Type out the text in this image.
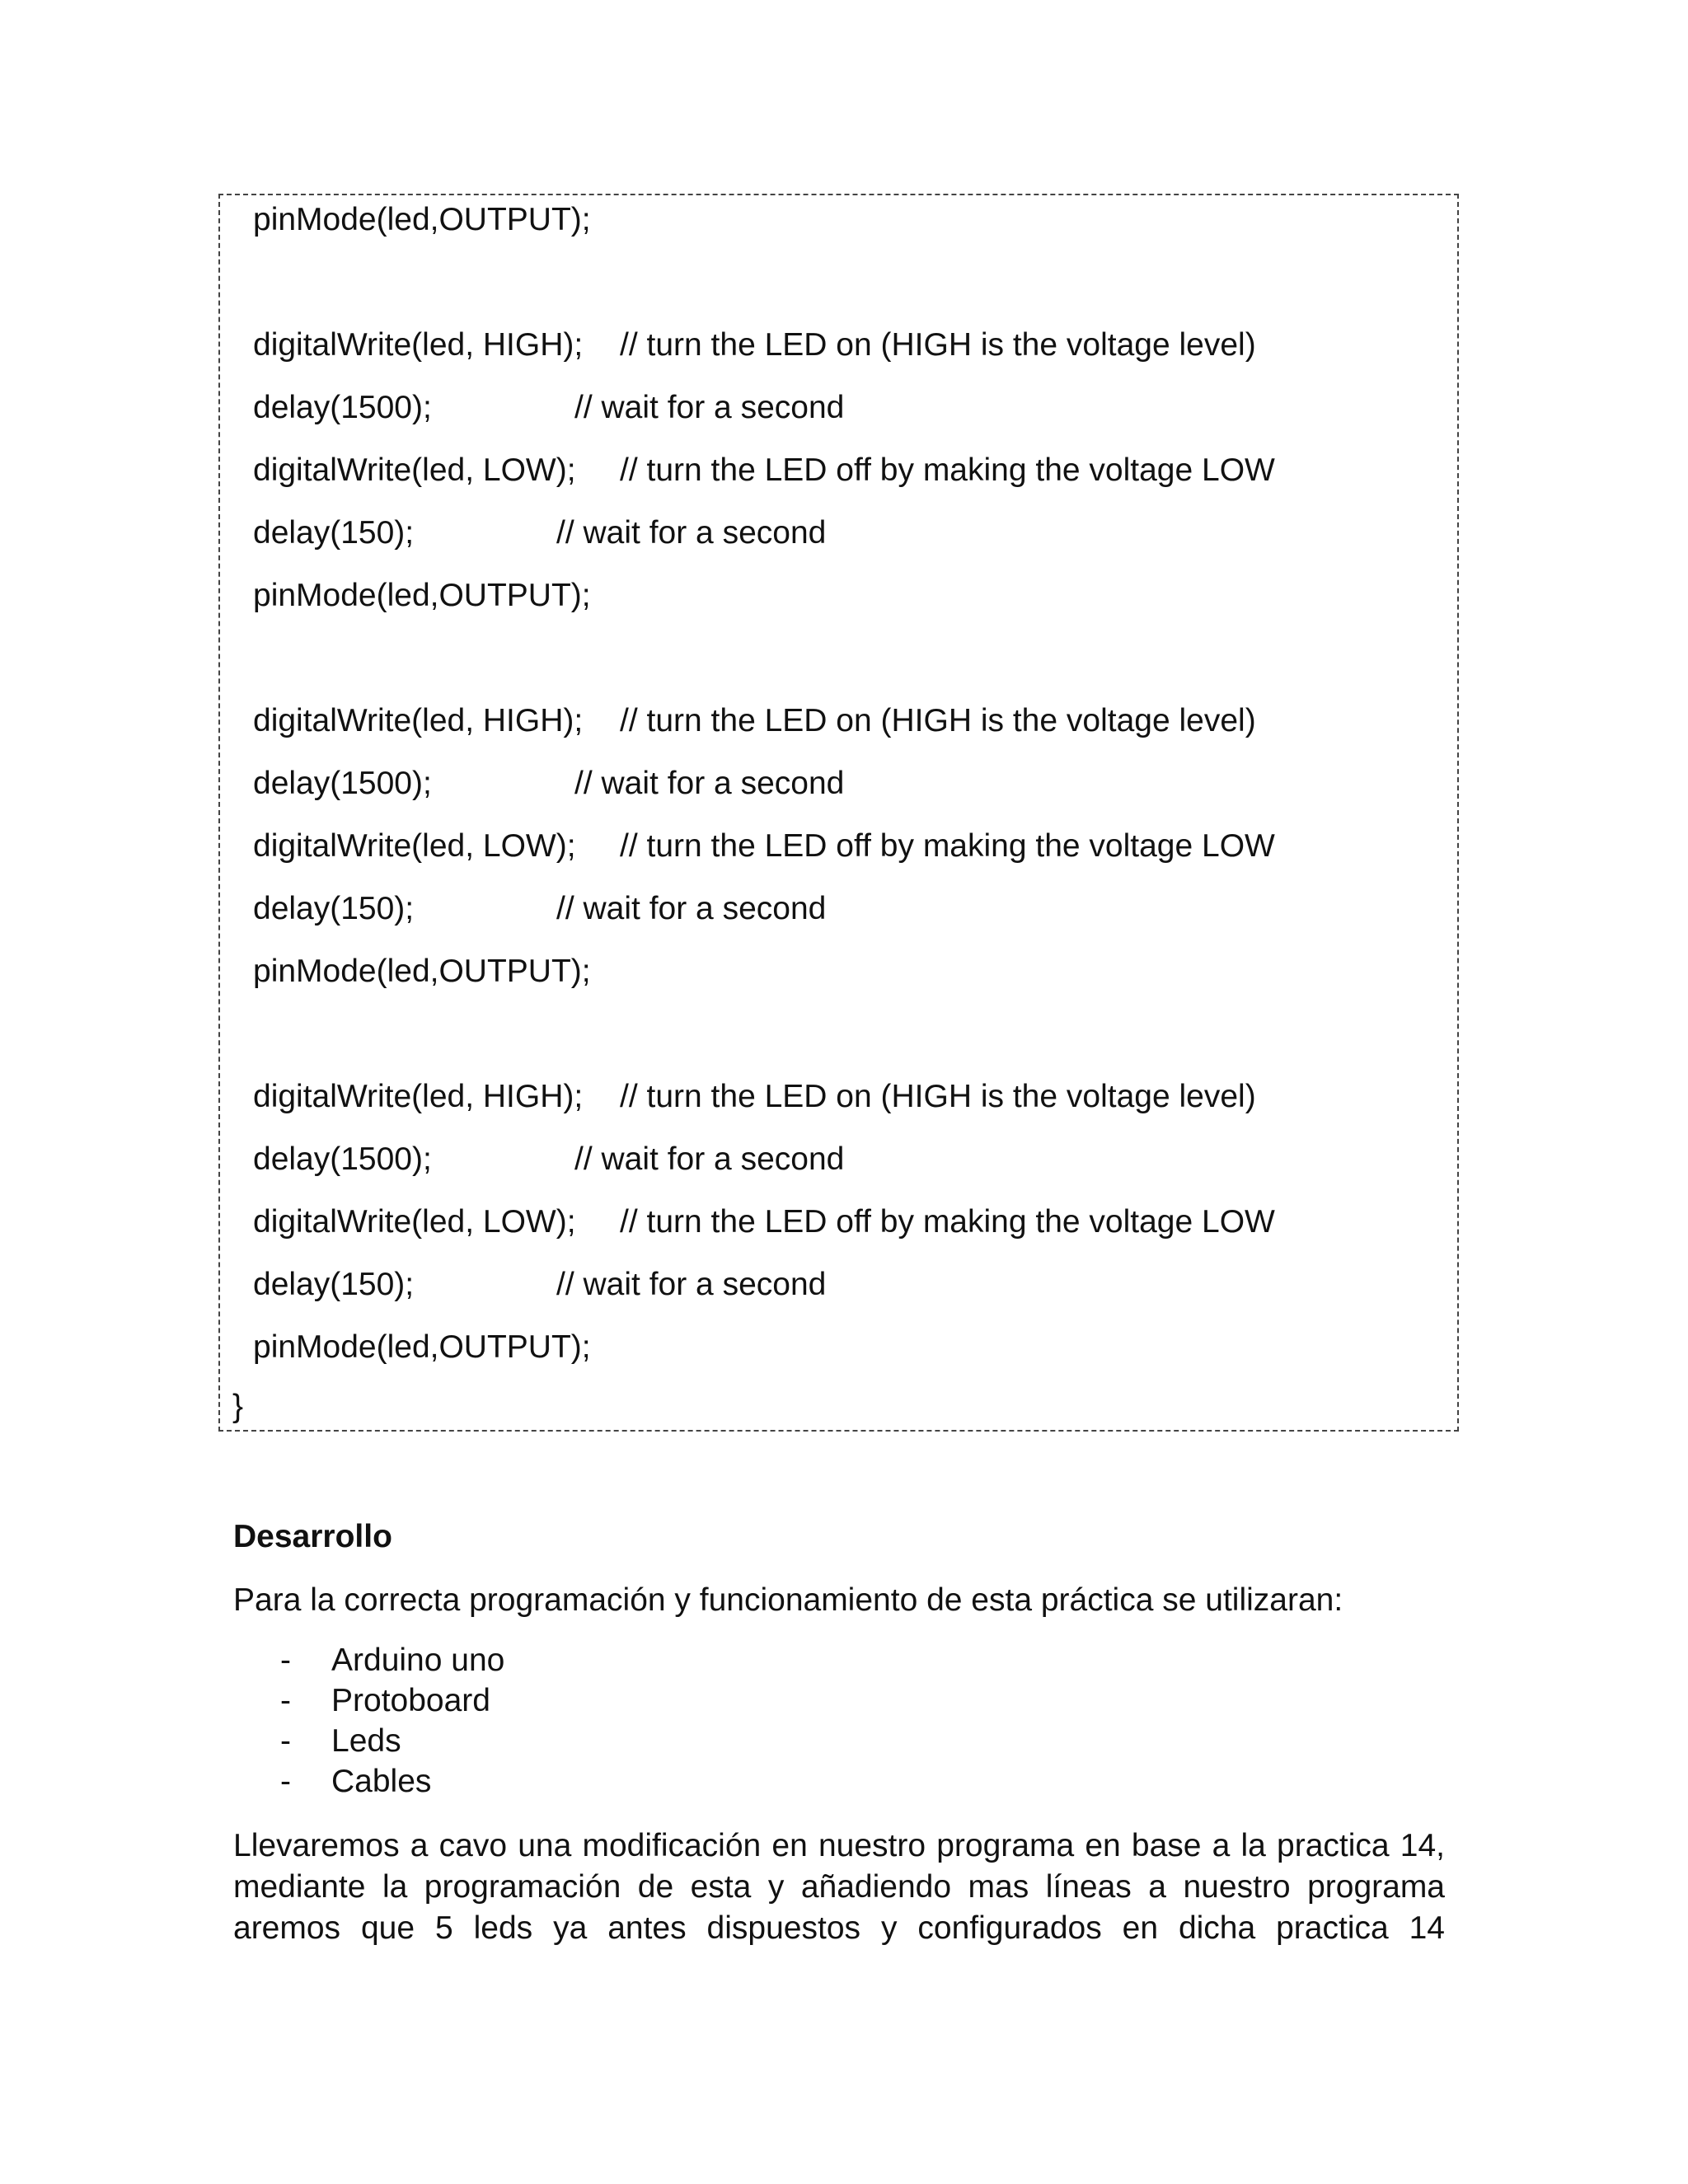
pinMode(led,OUTPUT);

digitalWrite(led, HIGH);

// turn the LED on (HIGH is the voltage level)

delay(1500);

	// wait for a second

digitalWrite(led, LOW);

// turn the LED off by making the voltage LOW

delay(150);

	// wait for a second

pinMode(led,OUTPUT);

digitalWrite(led, HIGH);

// turn the LED on (HIGH is the voltage level)

delay(1500);

	// wait for a second

digitalWrite(led, LOW);

// turn the LED off by making the voltage LOW

delay(150);

	// wait for a second

pinMode(led,OUTPUT);

digitalWrite(led, HIGH);

// turn the LED on (HIGH is the voltage level)

delay(1500);

	// wait for a second

digitalWrite(led, LOW);

// turn the LED off by making the voltage LOW

delay(150);

	// wait for a second

pinMode(led,OUTPUT);

}
Desarrollo
Para la correcta programación y funcionamiento de esta práctica se utilizaran:
- Arduino uno
- Protoboard
- Leds
- Cables
Llevaremos a cavo una modificación en nuestro programa en base a la practica 14, mediante la programación de esta y añadiendo mas líneas a nuestro programa aremos que 5 leds ya antes dispuestos y configurados en dicha practica 14
